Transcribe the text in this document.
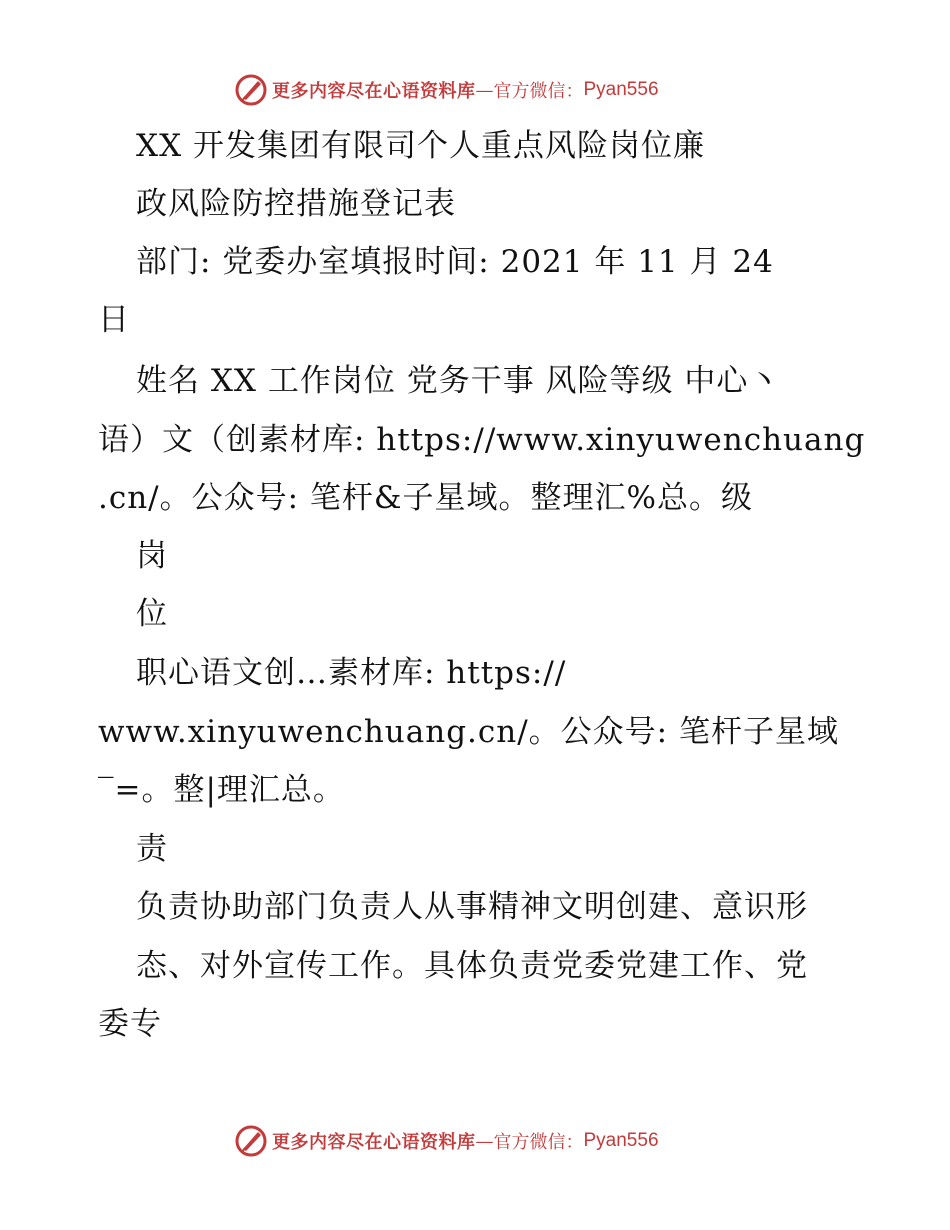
更多内容尽在心语资料库 — 官方微信： Pyan556
XX 开发集团有限司个人重点风险岗位廉
政风险防控措施登记表
部门: 党委办室填报时间: 2021 年 11 月 24
日
姓名 XX 工作岗位 党务干事 风险等级 中心丶
语）文（创素材库: https://www.xinyuwenchuang
.cn/。公众号: 笔杆&子星域。整理汇%总。级
岗
位
职心语文创…素材库: https://
www.xinyuwenchuang.cn/。公众号: 笔杆子星域
‾=。整|理汇总。
责
负责协助部门负责人从事精神文明创建、意识形
态、对外宣传工作。具体负责党委党建工作、党
委专
更多内容尽在心语资料库 — 官方微信： Pyan556
